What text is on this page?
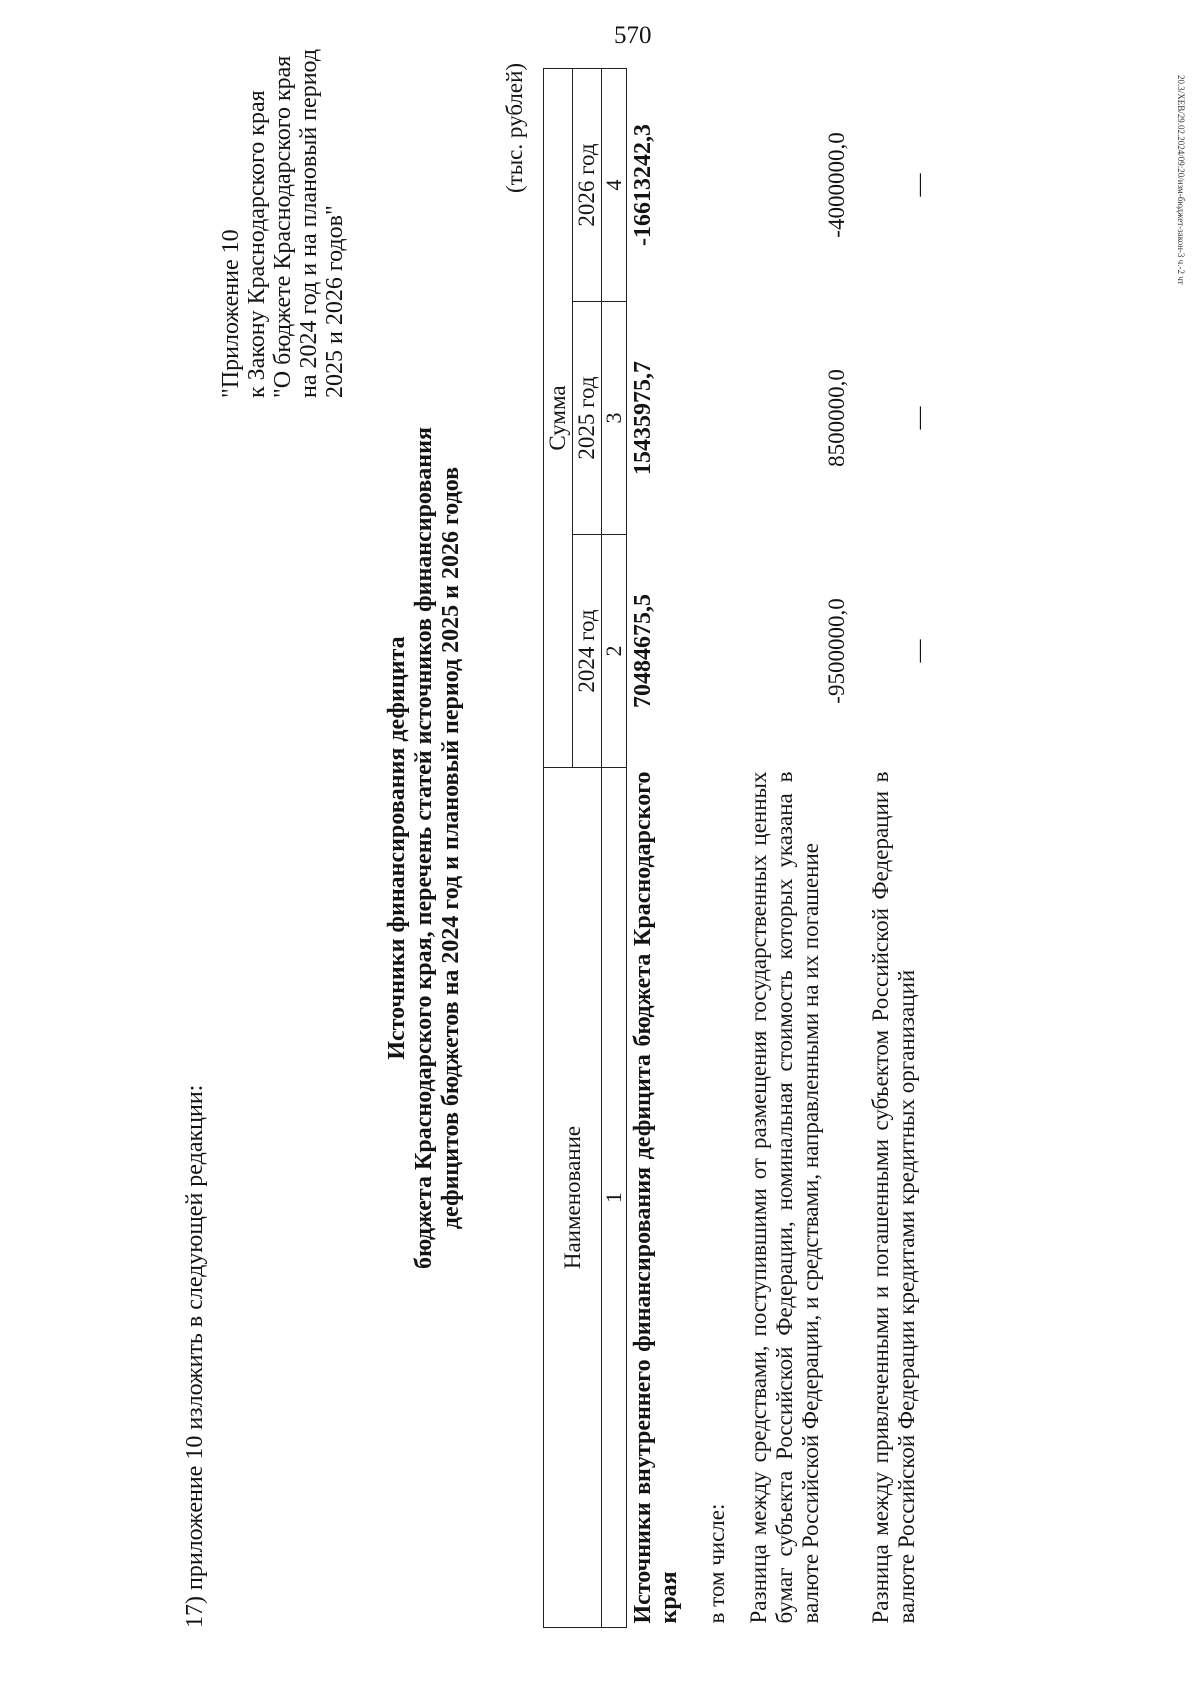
570
20.3/XEB/29.02.2024/09:20/изм-бюджет-закон-3 ч.-2 чт
17) приложение 10 изложить в следующей редакции:
"Приложение 10 к Закону Краснодарского края "О бюджете Краснодарского края на 2024 год и на плановый период 2025 и 2026 годов"
Источники финансирования дефицита бюджета Краснодарского края, перечень статей источников финансирования дефицитов бюджетов на 2024 год и плановый период 2025 и 2026 годов
(тыс. рублей)
Наименование	Сумма		
	2024 год	2025 год	2026 год
1	2	3	4
Источники внутреннего финансирования дефицита бюджета Краснодарского края	70484675,5	15435975,7	-16613242,3
в том числе:			
Разница между средствами, поступившими от размещения государственных ценных бумаг субъекта Российской Федерации, номинальная стоимость которых указана в валюте Российской Федерации, и средствами, направленными на их погашение	-9500000,0	8500000,0	-4000000,0
Разница между привлеченными и погашенными субъектом Российской Федерации в валюте Российской Федерации кредитами кредитных организаций	—	—	—
